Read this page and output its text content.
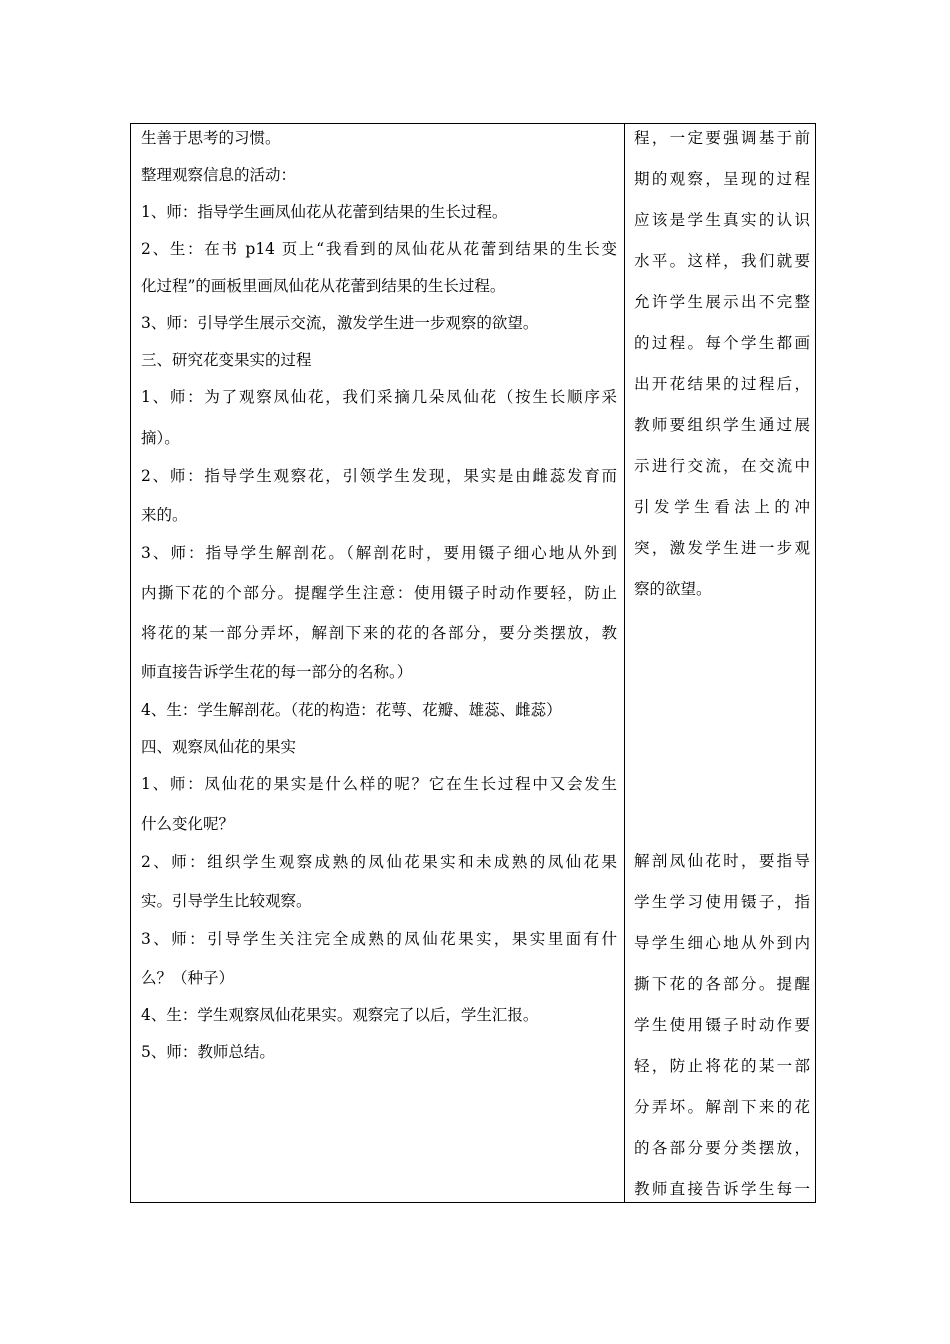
生善于思考的习惯。
整理观察信息的活动：
1、师：指导学生画凤仙花从花蕾到结果的生长过程。
2、生：在书 p14 页上“我看到的凤仙花从花蕾到结果的生长变
化过程”的画板里画凤仙花从花蕾到结果的生长过程。
3、师：引导学生展示交流，激发学生进一步观察的欲望。
三、研究花变果实的过程
1、师：为了观察凤仙花，我们采摘几朵凤仙花（按生长顺序采
摘）。
2、师：指导学生观察花，引领学生发现，果实是由雌蕊发育而
来的。
3、师：指导学生解剖花。（解剖花时，要用镊子细心地从外到
内撕下花的个部分。提醒学生注意：使用镊子时动作要轻，防止
将花的某一部分弄坏，解剖下来的花的各部分，要分类摆放，教
师直接告诉学生花的每一部分的名称。）
4、生：学生解剖花。（花的构造：花萼、花瓣、雄蕊、雌蕊）
四、观察凤仙花的果实
1、师：凤仙花的果实是什么样的呢？它在生长过程中又会发生
什么变化呢？
2、师：组织学生观察成熟的凤仙花果实和未成熟的凤仙花果
实。引导学生比较观察。
3、师：引导学生关注完全成熟的凤仙花果实，果实里面有什
么？（种子）
4、生：学生观察凤仙花果实。观察完了以后，学生汇报。
5、师：教师总结。
程，一定要强调基于前
期的观察，呈现的过程
应该是学生真实的认识
水平。这样，我们就要
允许学生展示出不完整
的过程。每个学生都画
出开花结果的过程后，
教师要组织学生通过展
示进行交流，在交流中
引发学生看法上的冲
突，激发学生进一步观
察的欲望。
解剖凤仙花时，要指导
学生学习使用镊子，指
导学生细心地从外到内
撕下花的各部分。提醒
学生使用镊子时动作要
轻，防止将花的某一部
分弄坏。解剖下来的花
的各部分要分类摆放，
教师直接告诉学生每一
